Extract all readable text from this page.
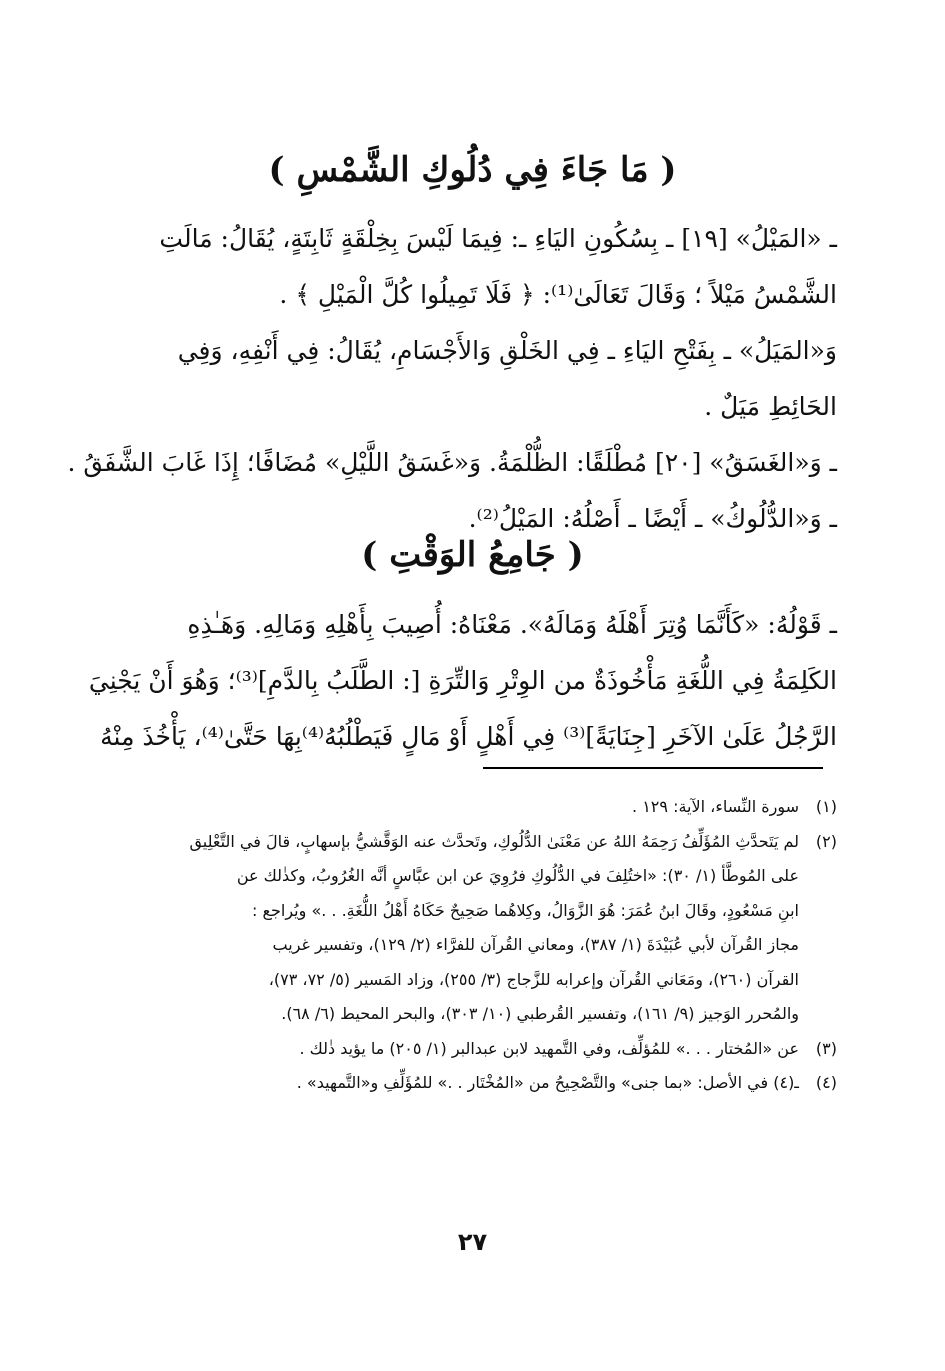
( مَا جَاءَ فِي دُلُوكِ الشَّمْسِ )
ـ «المَيْلُ» [١٩] ـ بِسُكُونِ اليَاءِ ـ: فِيمَا لَيْسَ بِخِلْقَةٍ ثَابِتَةٍ، يُقَالُ: مَالَتِ
الشَّمْسُ مَيْلاً ؛ وَقَالَ تَعَالَىٰ⁽¹⁾: ﴿ فَلَا تَمِيلُوا كُلَّ الْمَيْلِ ﴾ .
وَ«المَيَلُ» ـ بِفَتْحِ اليَاءِ ـ فِي الخَلْقِ وَالأَجْسَامِ، يُقَالُ: فِي أَنْفِهِ، وَفِي
الحَائِطِ مَيَلٌ .
ـ وَ«الغَسَقُ» [٢٠] مُطْلَقًا: الظُّلْمَةُ. وَ«غَسَقُ اللَّيْلِ» مُضَافًا؛ إِذَا غَابَ الشَّفَقُ .
ـ وَ«الدُّلُوكُ» ـ أَيْضًا ـ أَصْلُهُ: المَيْلُ⁽²⁾.
( جَامِعُ الوَقْتِ )
ـ قَوْلُهُ: «كَأَنَّمَا وُتِرَ أَهْلَهُ وَمَالَهُ». مَعْنَاهُ: أُصِيبَ بِأَهْلِهِ وَمَالِهِ. وَهَـٰذِهِ
الكَلِمَةُ فِي اللُّغَةِ مَأْخُوذَةٌ من الوِتْرِ وَالتِّرَةِ [: الطَّلَبُ بِالدَّمِ]⁽³⁾؛ وَهُوَ أَنْ يَجْنِيَ
الرَّجُلُ عَلَىٰ الآخَرِ [جِنَايَةً]⁽³⁾ فِي أَهْلٍ أَوْ مَالٍ فَيَطْلُبُهُ⁽⁴⁾بِهَا حَتَّىٰ⁽⁴⁾، يَأْخُذَ مِنْهُ
(١)
سورة النِّساء، الآية: ١٢٩ .
(٢)
لم يَتَحدَّثِ المُؤَلِّفُ رَحِمَهُ اللهُ عن مَعْنَىٰ الدُّلُوكِ، وتَحدَّث عنه الوَقَّشيُّ بإسهابٍ، قالَ في التَّعْلِيق
على المُوطَّأ (١/ ٣٠): «اختُلِفَ في الدُّلُوكِ فرُوِيَ عن ابن عبَّاسٍ أنَّه الغُرُوبُ، وكذٰلك عن
ابنِ مَسْعُودٍ، وقَالَ ابنُ عُمَرَ: هُوَ الزَّوَالُ، وكِلاهُما صَحِيحٌ حَكَاهُ أَهْلُ اللُّغَةِ. . .» ويُراجع :
مجاز القُرآن لأبي عُبَيْدَةَ (١/ ٣٨٧)، ومعاني القُرآن للفرَّاء (٢/ ١٢٩)، وتفسير غريب
القرآن (٢٦٠)، ومَعَاني القُرآن وإعرابه للزَّجاج (٣/ ٢٥٥)، وزاد المَسير (٥/ ٧٢، ٧٣)،
والمُحرر الوَجيز (٩/ ١٦١)، وتفسير القُرطبي (١٠/ ٣٠٣)، والبحر المحيط (٦/ ٦٨).
(٣)
عن «المُختار . . .» للمُؤلِّف، وفي التَّمهيد لابن عبدالبر (١/ ٢٠٥) ما يؤيد ذٰلك .
(٤)
ـ(٤) في الأصل: «بما جنى» والتَّصْحِيحُ من «المُخْتَار . .» للمُؤَلِّفِ و«التَّمهيد» .
٢٧
